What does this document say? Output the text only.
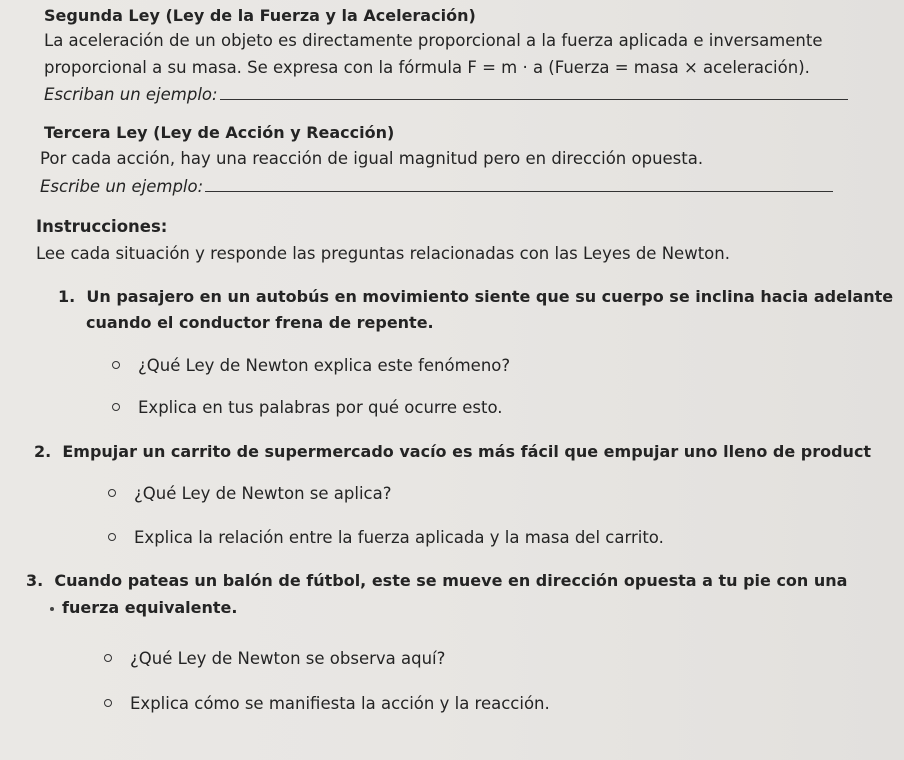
Segunda Ley (Ley de la Fuerza y la Aceleración)
La aceleración de un objeto es directamente proporcional a la fuerza aplicada e inversamente
proporcional a su masa. Se expresa con la fórmula F = m · a (Fuerza = masa × aceleración).
Escriban un ejemplo:
Tercera Ley (Ley de Acción y Reacción)
Por cada acción, hay una reacción de igual magnitud pero en dirección opuesta.
Escribe un ejemplo:
Instrucciones:
Lee cada situación y responde las preguntas relacionadas con las Leyes de Newton.
1. Un pasajero en un autobús en movimiento siente que su cuerpo se inclina hacia adelante
cuando el conductor frena de repente.
¿Qué Ley de Newton explica este fenómeno?
Explica en tus palabras por qué ocurre esto.
2. Empujar un carrito de supermercado vacío es más fácil que empujar uno lleno de product
¿Qué Ley de Newton se aplica?
Explica la relación entre la fuerza aplicada y la masa del carrito.
3. Cuando pateas un balón de fútbol, este se mueve en dirección opuesta a tu pie con una
fuerza equivalente.
¿Qué Ley de Newton se observa aquí?
Explica cómo se manifiesta la acción y la reacción.
